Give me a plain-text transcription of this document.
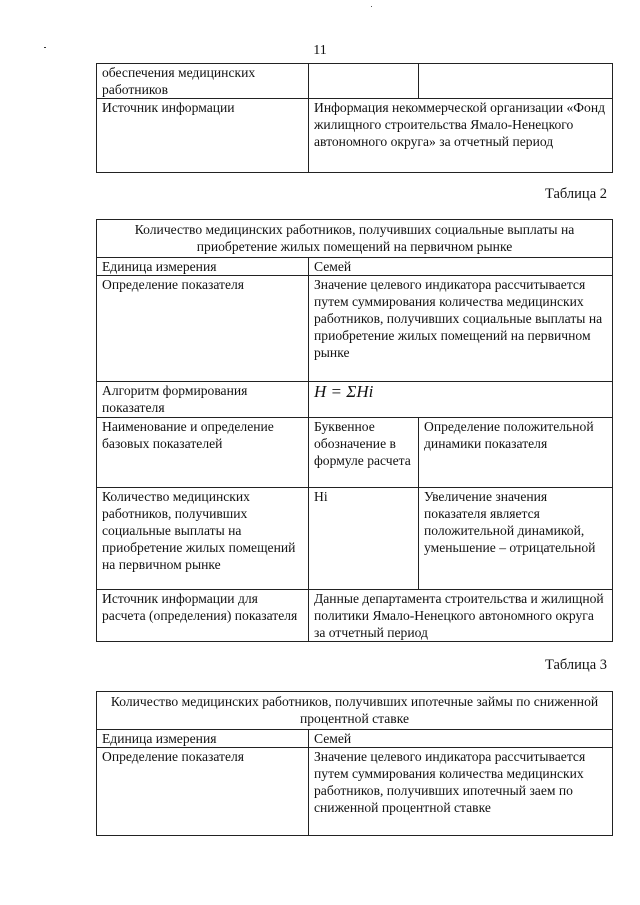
11
обеспечения медицинских работников		
Источник информации	Информация некоммерческой организации «Фонд жилищного строительства Ямало-Ненецкого автономного округа» за отчетный период	
Таблица 2
Количество медицинских работников, получивших социальные выплаты на приобретение жилых помещений на первичном рынке		
Единица измерения	Семей	
Определение показателя	Значение целевого индикатора рассчитывается путем суммирования количества медицинских работников, получивших социальные выплаты на приобретение жилых помещений на первичном рынке	
Алгоритм формирования показателя	H = ΣHi	
Наименование и определение базовых показателей	Буквенное обозначение в формуле расчета	Определение положительной динамики показателя
Количество медицинских работников, получивших социальные выплаты на приобретение жилых помещений на первичном рынке	Hi	Увеличение значения показателя является положительной динамикой, уменьшение – отрицательной
Источник информации для расчета (определения) показателя	Данные департамента строительства и жилищной политики Ямало-Ненецкого автономного округа за отчетный период	
Таблица 3
Количество медицинских работников, получивших ипотечные займы по сниженной процентной ставке	
Единица измерения	Семей
Определение показателя	Значение целевого индикатора рассчитывается путем суммирования количества медицинских работников, получивших ипотечный заем по сниженной процентной ставке
